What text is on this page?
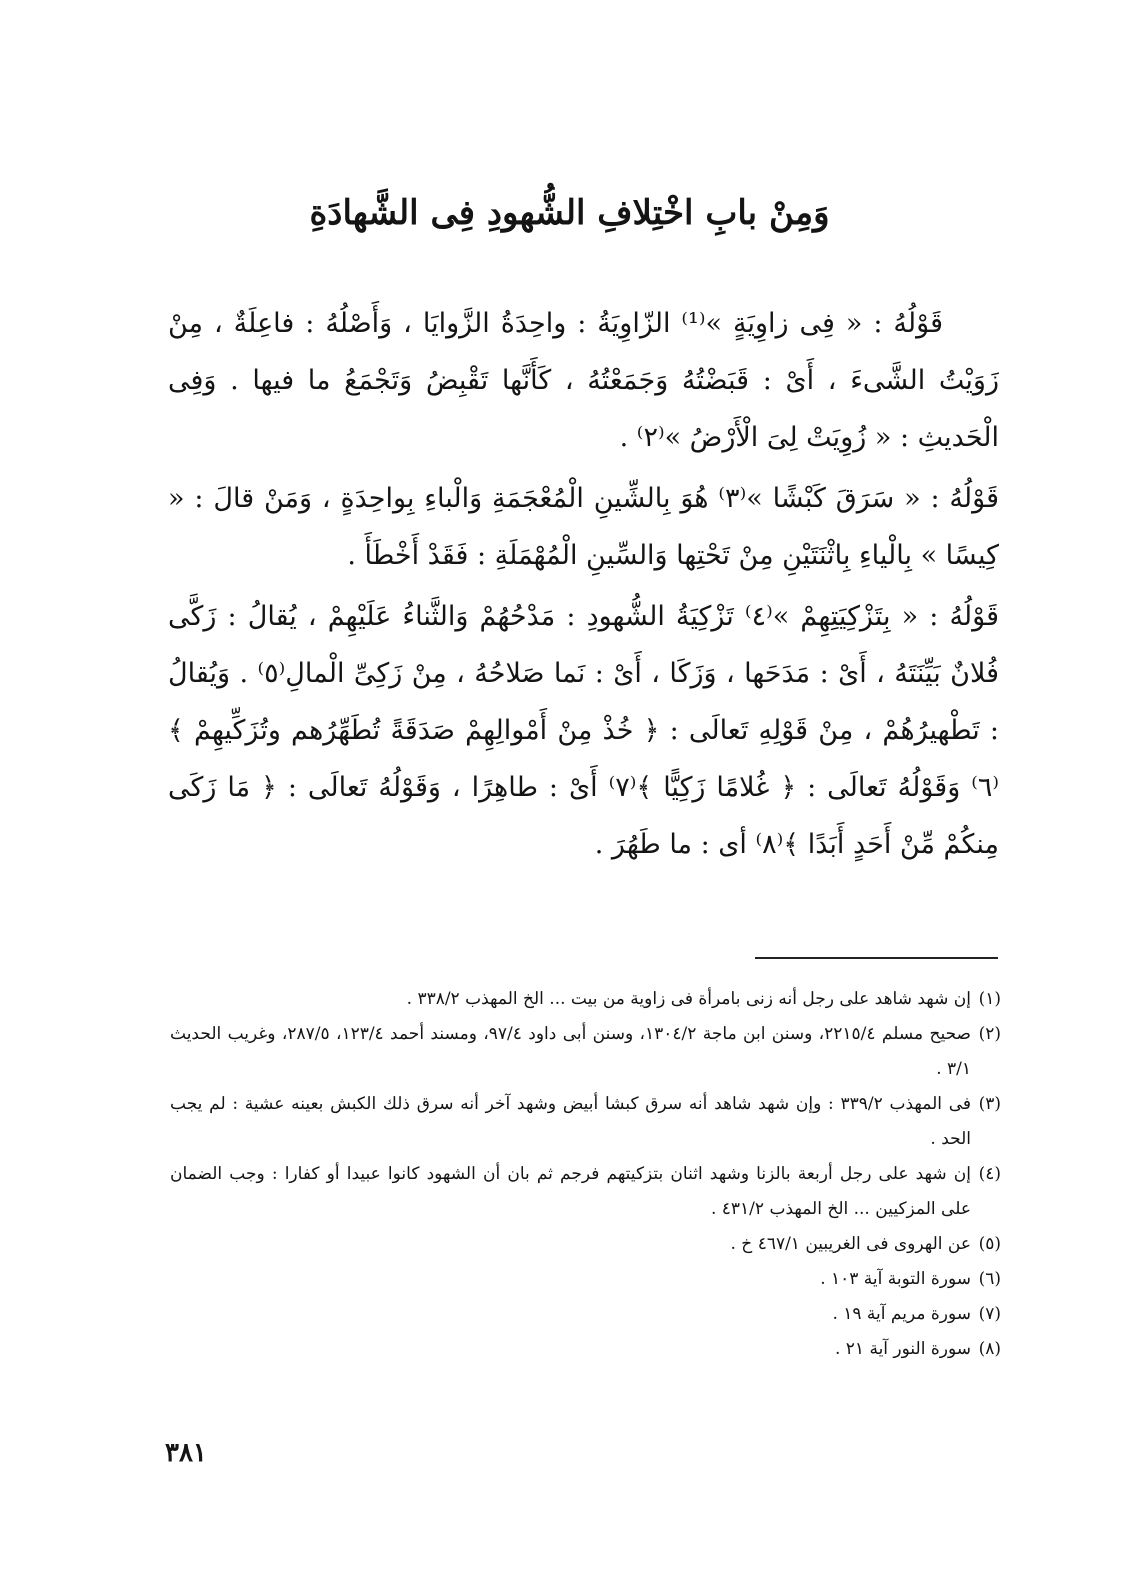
وَمِنْ بابِ اخْتِلافِ الشُّهودِ فِى الشَّهادَةِ

قَوْلُهُ : « فِى زاوِيَةٍ »⁽¹⁾ الزّاوِيَةُ : واحِدَةُ الزَّوايَا ، وَأَصْلُهُ : فاعِلَةٌ ، مِنْ زَوَيْتُ الشَّىءَ ، أَىْ : قَبَضْتُهُ وَجَمَعْتُهُ ، كَأَنَّها تَقْبِضُ وَتَجْمَعُ ما فيها . وَفِى الْحَديثِ : « زُوِيَتْ لِىَ الْأَرْضُ »⁽٢⁾ .

قَوْلُهُ : « سَرَقَ كَبْشًا »⁽٣⁾ هُوَ بِالشِّينِ الْمُعْجَمَةِ وَالْباءِ بِواحِدَةٍ ، وَمَنْ قالَ : « كِيسًا » بِالْياءِ بِاثْنَتَيْنِ مِنْ تَحْتِها وَالسِّينِ الْمُهْمَلَةِ : فَقَدْ أَخْطَأَ .

قَوْلُهُ : « بِتَزْكِيَتِهِمْ »⁽٤⁾ تَزْكِيَةُ الشُّهودِ : مَدْحُهُمْ وَالثَّناءُ عَلَيْهِمْ ، يُقالُ : زَكَّى فُلانٌ بَيِّنَتَهُ ، أَىْ : مَدَحَها ، وَزَكَا ، أَىْ : نَما صَلاحُهُ ، مِنْ زَكِىِّ الْمالِ⁽٥⁾ . وَيُقالُ : تَطْهيرُهُمْ ، مِنْ قَوْلِهِ تَعالَى : ﴿ خُذْ مِنْ أَمْوالِهِمْ صَدَقَةً تُطَهِّرُهم وتُزَكِّيهِمْ ﴾⁽٦⁾ وَقَوْلُهُ تَعالَى : ﴿ غُلامًا زَكِيًّا ﴾⁽٧⁾ أَىْ : طاهِرًا ، وَقَوْلُهُ تَعالَى : ﴿ مَا زَكَى مِنكُمْ مِّنْ أَحَدٍ أَبَدًا ﴾⁽٨⁾ أى : ما طَهُرَ .

(١)
إن شهد شاهد على رجل أنه زنى بامرأة فى زاوية من بيت ... الخ المهذب ٣٣٨/٢ .
(٢)
صحيح مسلم ٢٢١٥/٤، وسنن ابن ماجة ١٣٠٤/٢، وسنن أبى داود ٩٧/٤، ومسند أحمد ١٢٣/٤، ٢٨٧/٥، وغريب الحديث ٣/١ .
(٣)
فى المهذب ٣٣٩/٢ : وإن شهد شاهد أنه سرق كبشا أبيض وشهد آخر أنه سرق ذلك الكبش بعينه عشية : لم يجب الحد .
(٤)
إن شهد على رجل أربعة بالزنا وشهد اثنان بتزكيتهم فرجم ثم بان أن الشهود كانوا عبيدا أو كفارا : وجب الضمان على المزكيين ... الخ المهذب ٤٣١/٢ .
(٥)
عن الهروى فى الغريبين ٤٦٧/١ خ .
(٦)
سورة التوبة آية ١٠٣ .
(٧)
سورة مريم آية ١٩ .
(٨)
سورة النور آية ٢١ .
٣٨١
